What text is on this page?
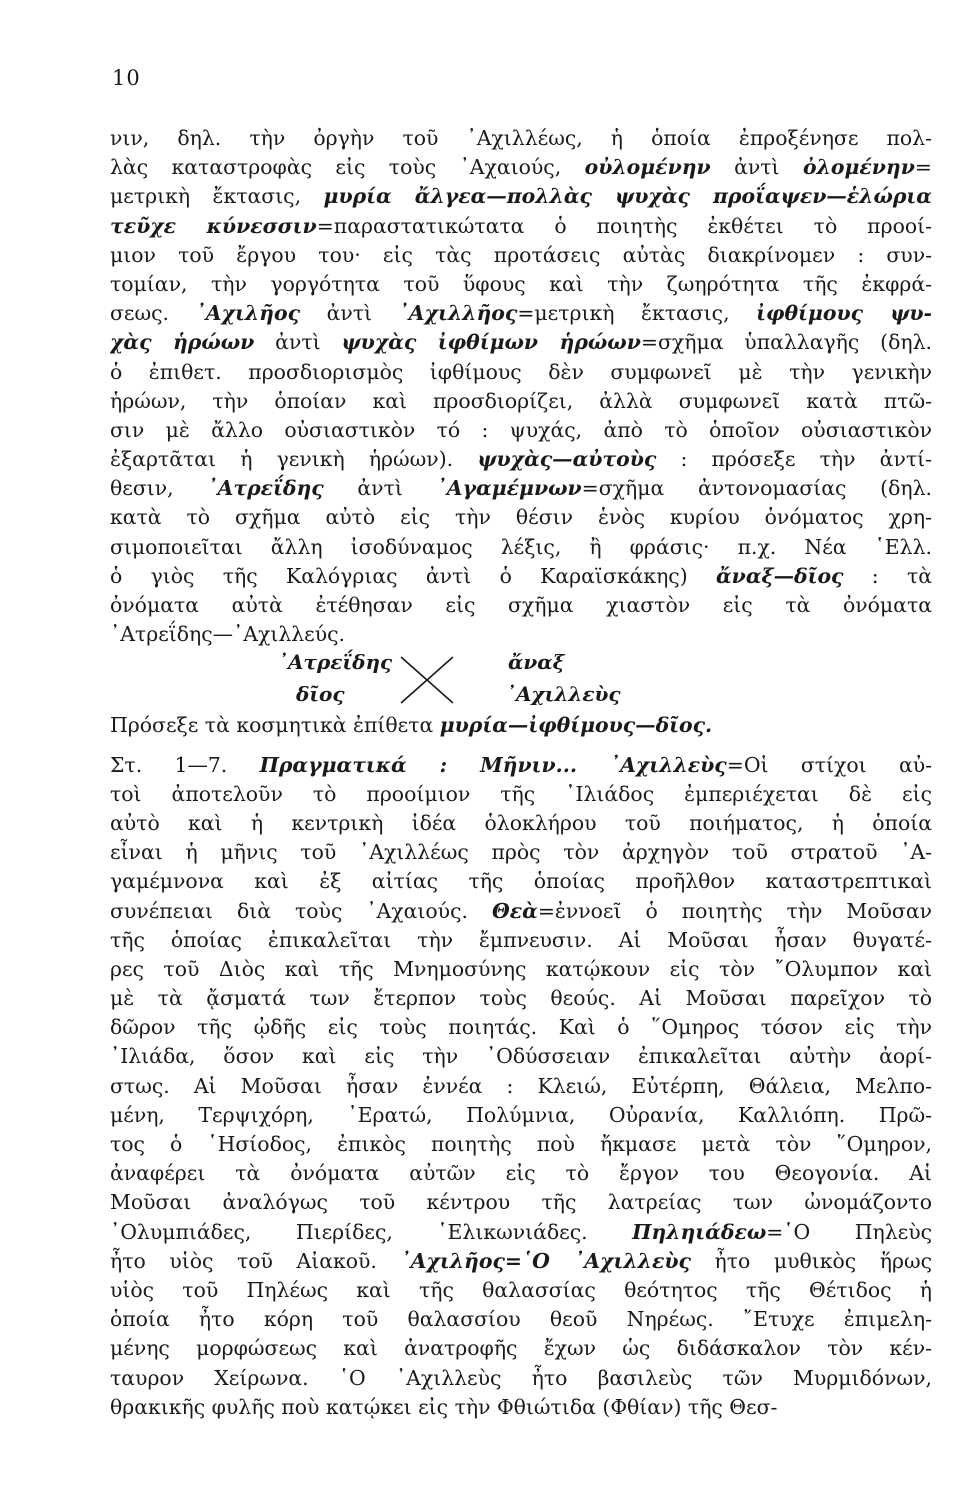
10
νιν, δηλ. τὴν ὀργὴν τοῦ ᾽Αχιλλέως, ἡ ὁποία ἐπροξένησε πολ-
λὰς καταστροφὰς εἰς τοὺς ᾽Αχαιούς, οὐλομένην ἀντὶ ὀλομένην=
μετρικὴ ἔκτασις, μυρία ἄλγεα—πολλὰς ψυχὰς προΐαψεν—ἑλώρια
τεῦχε κύνεσσιν=παραστατικώτατα ὁ ποιητὴς ἐκθέτει τὸ προοί-
μιον τοῦ ἔργου του· εἰς τὰς προτάσεις αὐτὰς διακρίνομεν : συν-
τομίαν, τὴν γοργότητα τοῦ ὕφους καὶ τὴν ζωηρότητα τῆς ἐκφρά-
σεως. ᾽Αχιλῆος ἀντὶ ᾽Αχιλλῆος=μετρικὴ ἔκτασις, ἰφθίμους ψυ-
χὰς ἡρώων ἀντὶ ψυχὰς ἰφθίμων ἡρώων=σχῆμα ὑπαλλαγῆς (δηλ.
ὁ ἐπιθετ. προσδιορισμὸς ἰφθίμους δὲν συμφωνεῖ μὲ τὴν γενικὴν
ἡρώων, τὴν ὁποίαν καὶ προσδιορίζει, ἀλλὰ συμφωνεῖ κατὰ πτῶ-
σιν μὲ ἄλλο οὐσιαστικὸν τό : ψυχάς, ἀπὸ τὸ ὁποῖον οὐσιαστικὸν
ἐξαρτᾶται ἡ γενικὴ ἡρώων). ψυχὰς—αὐτοὺς : πρόσεξε τὴν ἀντί-
θεσιν, ᾽Ατρεΐδης ἀντὶ ᾽Αγαμέμνων=σχῆμα ἀντονομασίας (δηλ.
κατὰ τὸ σχῆμα αὐτὸ εἰς τὴν θέσιν ἑνὸς κυρίου ὀνόματος χρη-
σιμοποιεῖται ἄλλη ἰσοδύναμος λέξις, ἢ φράσις· π.χ. Νέα ῾Ελλ.
ὁ γιὸς τῆς Καλόγριας ἀντὶ ὁ Καραϊσκάκης) ἄναξ—δῖος : τὰ
ὀνόματα αὐτὰ ἐτέθησαν εἰς σχῆμα χιαστὸν εἰς τὰ ὀνόματα
᾽Ατρεΐδης—᾽Αχιλλεύς.
᾽Ατρεΐδης
δῖος
ἄναξ
᾽Αχιλλεὺς
Πρόσεξε τὰ κοσμητικὰ ἐπίθετα μυρία—ἰφθίμους—δῖος.
Στ. 1—7. Πραγματικά : Μῆνιν... ᾽Αχιλλεὺς=Οἱ στίχοι αὐ-
τοὶ ἀποτελοῦν τὸ προοίμιον τῆς ᾽Ιλιάδος ἐμπεριέχεται δὲ εἰς
αὐτὸ καὶ ἡ κεντρικὴ ἰδέα ὁλοκλήρου τοῦ ποιήματος, ἡ ὁποία
εἶναι ἡ μῆνις τοῦ ᾽Αχιλλέως πρὸς τὸν ἀρχηγὸν τοῦ στρατοῦ ᾽Α-
γαμέμνονα καὶ ἐξ αἰτίας τῆς ὁποίας προῆλθον καταστρεπτικαὶ
συνέπειαι διὰ τοὺς ᾽Αχαιούς. Θεὰ=ἐννοεῖ ὁ ποιητὴς τὴν Μοῦσαν
τῆς ὁποίας ἐπικαλεῖται τὴν ἔμπνευσιν. Αἱ Μοῦσαι ἦσαν θυγατέ-
ρες τοῦ Διὸς καὶ τῆς Μνημοσύνης κατῴκουν εἰς τὸν ῎Ολυμπον καὶ
μὲ τὰ ᾄσματά των ἔτερπον τοὺς θεούς. Αἱ Μοῦσαι παρεῖχον τὸ
δῶρον τῆς ᾠδῆς εἰς τοὺς ποιητάς. Καὶ ὁ ῞Ομηρος τόσον εἰς τὴν
᾽Ιλιάδα, ὅσον καὶ εἰς τὴν ᾽Οδύσσειαν ἐπικαλεῖται αὐτὴν ἀορί-
στως. Αἱ Μοῦσαι ἦσαν ἐννέα : Κλειώ, Εὐτέρπη, Θάλεια, Μελπο-
μένη, Τερψιχόρη, ᾽Ερατώ, Πολύμνια, Οὐρανία, Καλλιόπη. Πρῶ-
τος ὁ ῾Ησίοδος, ἐπικὸς ποιητὴς ποὺ ἤκμασε μετὰ τὸν ῞Ομηρον,
ἀναφέρει τὰ ὀνόματα αὐτῶν εἰς τὸ ἔργον του Θεογονία. Αἱ
Μοῦσαι ἀναλόγως τοῦ κέντρου τῆς λατρείας των ὠνομάζοντο
᾽Ολυμπιάδες, Πιερίδες, ῾Ελικωνιάδες. Πηληιάδεω=῾Ο Πηλεὺς
ἦτο υἱὸς τοῦ Αἰακοῦ. ᾽Αχιλῆος=῾Ο ᾽Αχιλλεὺς ἦτο μυθικὸς ἥρως
υἱὸς τοῦ Πηλέως καὶ τῆς θαλασσίας θεότητος τῆς Θέτιδος ἡ
ὁποία ἦτο κόρη τοῦ θαλασσίου θεοῦ Νηρέως. ῎Ετυχε ἐπιμελη-
μένης μορφώσεως καὶ ἀνατροφῆς ἔχων ὡς διδάσκαλον τὸν κέν-
ταυρον Χείρωνα. ῾Ο ᾽Αχιλλεὺς ἦτο βασιλεὺς τῶν Μυρμιδόνων,
θρακικῆς φυλῆς ποὺ κατῴκει εἰς τὴν Φθιώτιδα (Φθίαν) τῆς Θεσ-
